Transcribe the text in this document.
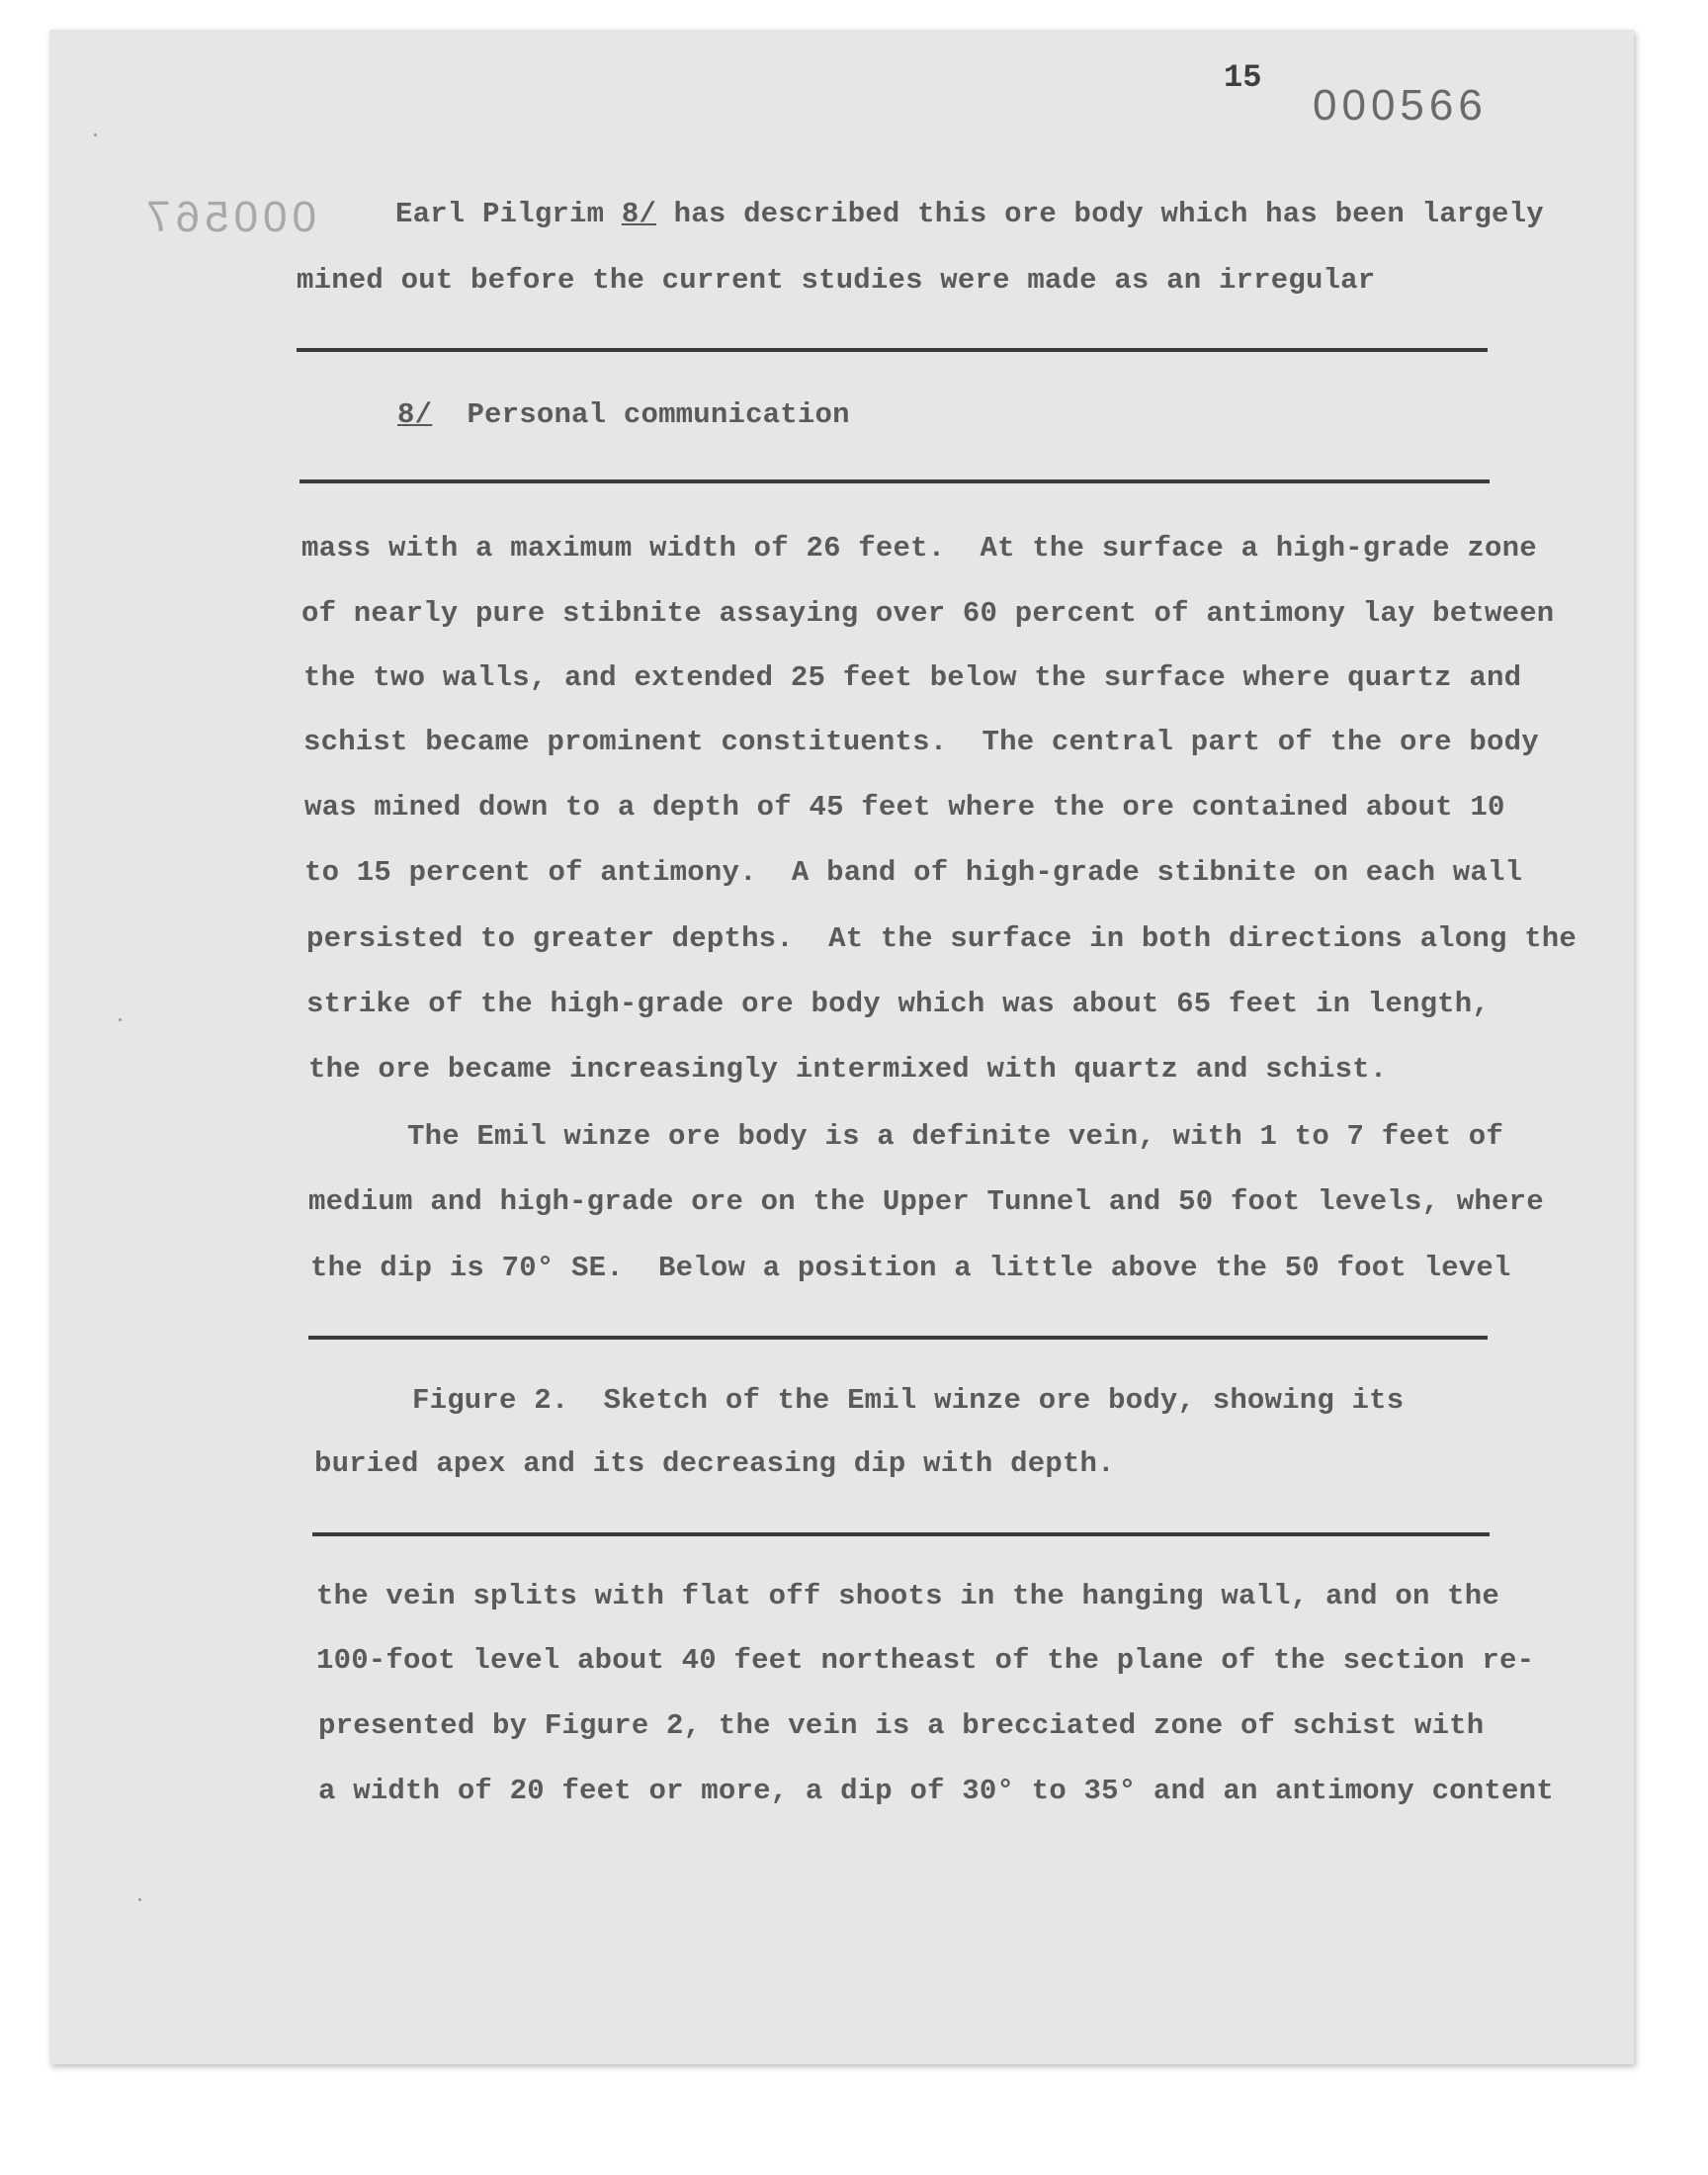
15
000566
000567	Earl Pilgrim 8/ has described this ore body which has been largely
mined out before the current studies were made as an irregular
8/ Personal communication
mass with a maximum width of 26 feet.  At the surface a high-grade zone
of nearly pure stibnite assaying over 60 percent of antimony lay between
the two walls, and extended 25 feet below the surface where quartz and
schist became prominent constituents.  The central part of the ore body
was mined down to a depth of 45 feet where the ore contained about 10
to 15 percent of antimony.  A band of high-grade stibnite on each wall
persisted to greater depths.  At the surface in both directions along the
strike of the high-grade ore body which was about 65 feet in length,
the ore became increasingly intermixed with quartz and schist.
The Emil winze ore body is a definite vein, with 1 to 7 feet of
medium and high-grade ore on the Upper Tunnel and 50 foot levels, where
the dip is 70° SE.  Below a position a little above the 50 foot level
Figure 2.  Sketch of the Emil winze ore body, showing its
buried apex and its decreasing dip with depth.
the vein splits with flat off shoots in the hanging wall, and on the
100-foot level about 40 feet northeast of the plane of the section re-
presented by Figure 2, the vein is a brecciated zone of schist with
a width of 20 feet or more, a dip of 30° to 35° and an antimony content
